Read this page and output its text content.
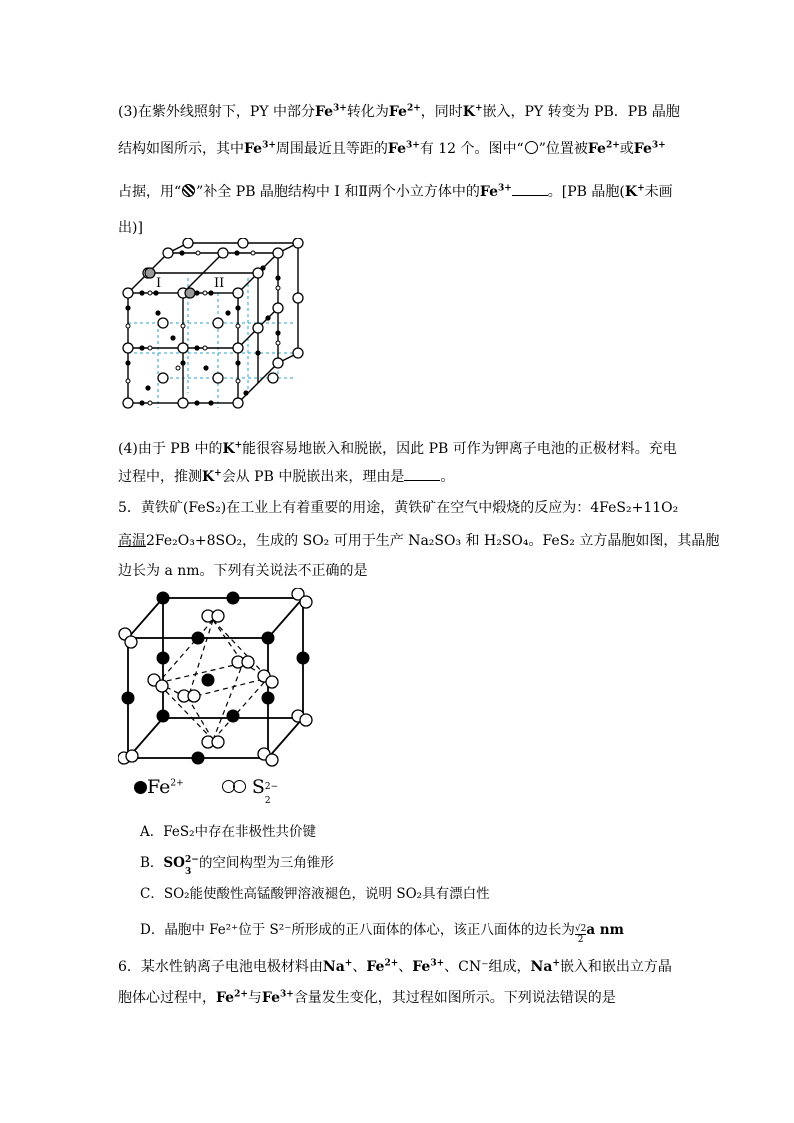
(3)在紫外线照射下，PY 中部分$Fe^{3+}$转化为$Fe^{2+}$，同时K+嵌入，PY 转变为 PB．PB 晶胞
结构如图所示，其中$Fe^{3+}$周围最近且等距的$Fe^{3+}$有 12 个。图中“ ”位置被$Fe^{2+}$或$Fe^{3+}$
占据，用“ ”补全 PB 晶胞结构中 I 和Ⅱ两个小立方体中的$Fe^{3+}$	。[PB 晶胞(K+未画
出)]
I	II
(4)由于 PB 中的K+能很容易地嵌入和脱嵌，因此 PB 可作为钾离子电池的正极材料。充电
过程中，推测K+会从 PB 中脱嵌出来，理由是	。
5．黄铁矿(FeS₂)在工业上有着重要的用途，黄铁矿在空气中煅烧的反应为：4FeS₂+11O₂
高温2Fe₂O₃+8SO₂，生成的 SO₂ 可用于生产 Na₂SO₃ 和 H₂SO₄。FeS₂ 立方晶胞如图，其晶胞
边长为 a nm。下列有关说法不正确的是
$Fe^{2+}$	S 2−
2
A．FeS₂中存在非极性共价键
B．SO 2−
3
的空间构型为三角锥形
C．SO₂能使酸性高锰酸钾溶液褪色，说明 SO₂具有漂白性
D．晶胞中 Fe²⁺位于 S²⁻所形成的正八面体的体心，该正八面体的边长为 $\frac{√2}{2}$ a nm
6．某水性钠离子电池电极材料由Na+、$Fe^{2+}$、$Fe^{3+}$、CN⁻组成，Na+嵌入和嵌出立方晶
胞体心过程中，$Fe^{2+}$与$Fe^{3+}$含量发生变化，其过程如图所示。下列说法错误的是
